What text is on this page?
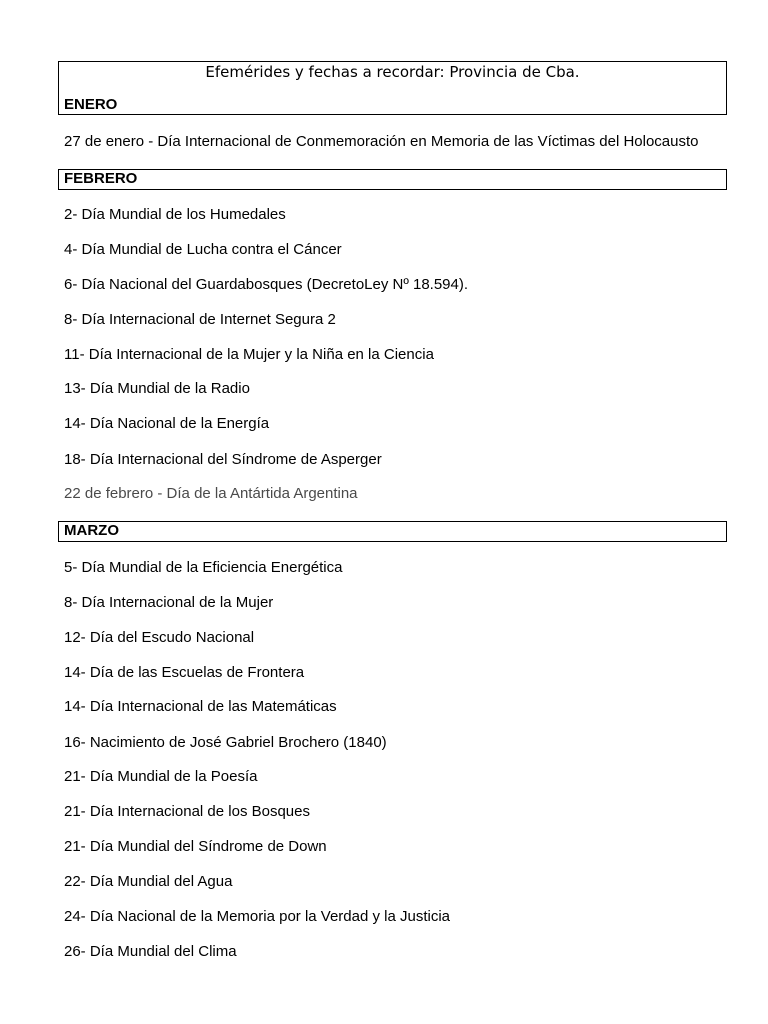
Efemérides y fechas a recordar: Provincia de Cba.
ENERO
27 de enero - Día Internacional de Conmemoración en Memoria de las Víctimas del Holocausto
FEBRERO
2- Día Mundial de los Humedales
4- Día Mundial de Lucha contra el Cáncer
6- Día Nacional del Guardabosques (DecretoLey Nº 18.594).
8- Día Internacional de Internet Segura 2
11- Día Internacional de la Mujer y la Niña en la Ciencia
13- Día Mundial de la Radio
14- Día Nacional de la Energía
18- Día Internacional del Síndrome de Asperger
22 de febrero - Día de la Antártida Argentina
MARZO
5- Día Mundial de la Eficiencia Energética
8- Día Internacional de la Mujer
12- Día del Escudo Nacional
14- Día de las Escuelas de Frontera
14- Día Internacional de las Matemáticas
16- Nacimiento de José Gabriel Brochero (1840)
21- Día Mundial de la Poesía
21- Día Internacional de los Bosques
21- Día Mundial del Síndrome de Down
22- Día Mundial del Agua
24- Día Nacional de la Memoria por la Verdad y la Justicia
26- Día Mundial del Clima
